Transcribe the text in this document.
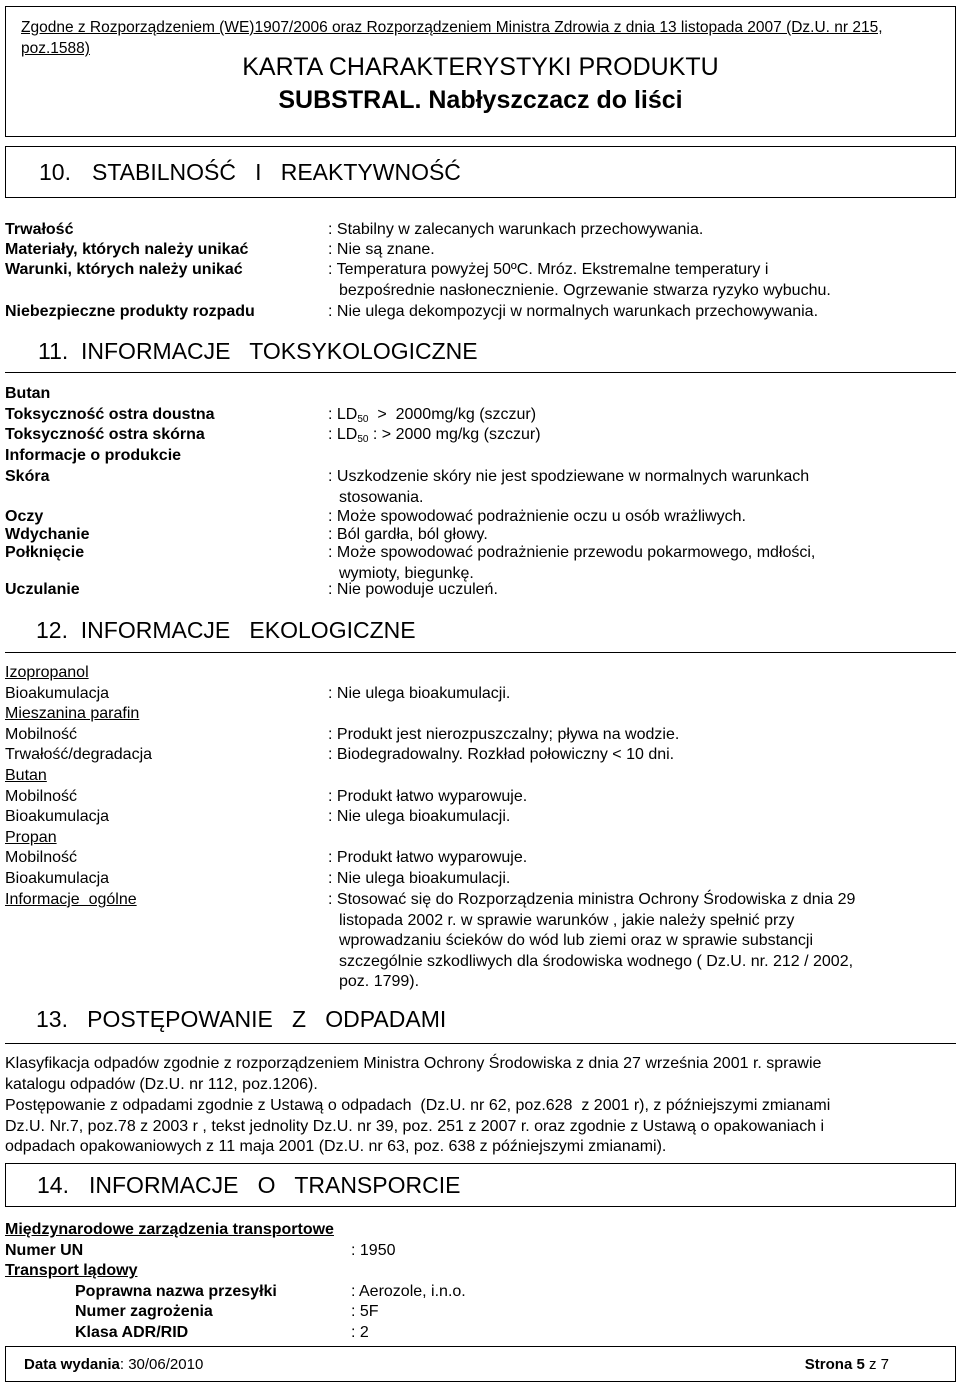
Zgodne z Rozporządzeniem (WE)1907/2006 oraz Rozporządzeniem Ministra Zdrowia z dnia 13 listopada 2007 (Dz.U. nr 215,
poz.1588)
KARTA CHARAKTERYSTYKI PRODUKTU
SUBSTRAL. Nabłyszczacz do liści
10. STABILNOŚĆ   I   REAKTYWNOŚĆ
Trwałość	: Stabilny w zalecanych warunkach przechowywania.
Materiały, których należy unikać	: Nie są znane.
Warunki, których należy unikać	: Temperatura powyżej 50ºC. Mróz. Ekstremalne temperatury i
bezpośrednie nasłonecznienie. Ogrzewanie stwarza ryzyko wybuchu.
Niebezpieczne produkty rozpadu	: Nie ulega dekompozycji w normalnych warunkach przechowywania.
11. INFORMACJE   TOKSYKOLOGICZNE
Butan
Toksyczność ostra doustna	: $LD_{50} > 2000mg/kg$ (szczur)
Toksyczność ostra skórna	: $LD_{50}$ : > 2000 mg/kg (szczur)
Informacje o produkcie
Skóra	: Uszkodzenie skóry nie jest spodziewane w normalnych warunkach
stosowania.
Oczy	: Może spowodować podrażnienie oczu u osób wrażliwych.
Wdychanie	: Ból gardła, ból głowy.
Połknięcie	: Może spowodować podrażnienie przewodu pokarmowego, mdłości,
wymioty, biegunkę.
Uczulanie	: Nie powoduje uczuleń.
12. INFORMACJE   EKOLOGICZNE
Izopropanol
Bioakumulacja	: Nie ulega bioakumulacji.
Mieszanina parafin
Mobilność	: Produkt jest nierozpuszczalny; pływa na wodzie.
Trwałość/degradacja	: Biodegradowalny. Rozkład połowiczny < 10 dni.
Butan
Mobilność	: Produkt łatwo wyparowuje.
Bioakumulacja	: Nie ulega bioakumulacji.
Propan
Mobilność	: Produkt łatwo wyparowuje.
Bioakumulacja	: Nie ulega bioakumulacji.
Informacje  ogólne	: Stosować się do Rozporządzenia ministra Ochrony Środowiska z dnia 29
listopada 2002 r. w sprawie warunków , jakie należy spełnić przy
wprowadzaniu ścieków do wód lub ziemi oraz w sprawie substancji
szczególnie szkodliwych dla środowiska wodnego ( Dz.U. nr. 212 / 2002,
poz. 1799).
13. POSTĘPOWANIE   Z   ODPADAMI
Klasyfikacja odpadów zgodnie z rozporządzeniem Ministra Ochrony Środowiska z dnia 27 września 2001 r. sprawie
katalogu odpadów (Dz.U. nr 112, poz.1206).
Postępowanie z odpadami zgodnie z Ustawą o odpadach  (Dz.U. nr 62, poz.628  z 2001 r), z późniejszymi zmianami
Dz.U. Nr.7, poz.78 z 2003 r , tekst jednolity Dz.U. nr 39, poz. 251 z 2007 r. oraz zgodnie z Ustawą o opakowaniach i
odpadach opakowaniowych z 11 maja 2001 (Dz.U. nr 63, poz. 638 z późniejszymi zmianami).
14. INFORMACJE   O   TRANSPORCIE
Międzynarodowe zarządzenia transportowe
Numer UN	: 1950
Transport lądowy
Poprawna nazwa przesyłki	: Aerozole, i.n.o.
Numer zagrożenia	: 5F
Klasa ADR/RID	: 2
Data wydania: 30/06/2010	Strona 5 z 7
